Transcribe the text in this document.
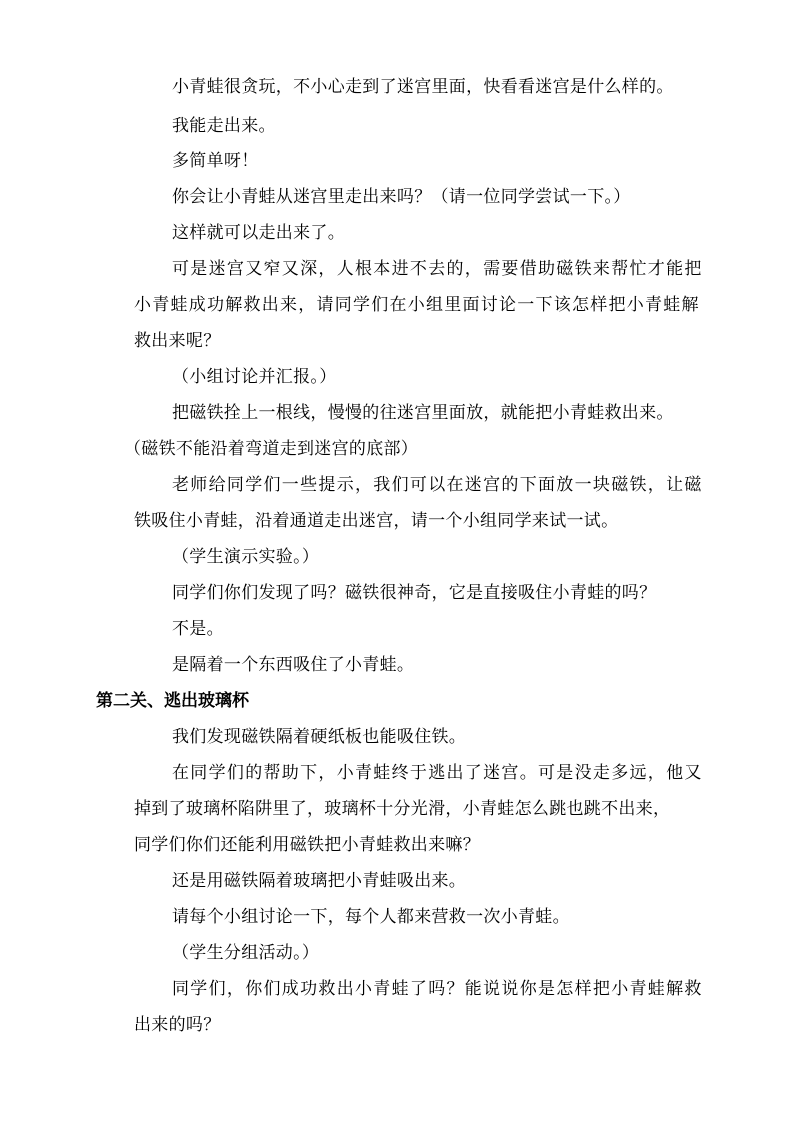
小青蛙很贪玩，不小心走到了迷宫里面，快看看迷宫是什么样的。
我能走出来。
多简单呀！
你会让小青蛙从迷宫里走出来吗？（请一位同学尝试一下。）
这样就可以走出来了。
可是迷宫又窄又深，人根本进不去的，需要借助磁铁来帮忙才能把
小青蛙成功解救出来，请同学们在小组里面讨论一下该怎样把小青蛙解
救出来呢？
（小组讨论并汇报。）
把磁铁拴上一根线，慢慢的往迷宫里面放，就能把小青蛙救出来。
（磁铁不能沿着弯道走到迷宫的底部）
老师给同学们一些提示，我们可以在迷宫的下面放一块磁铁，让磁
铁吸住小青蛙，沿着通道走出迷宫，请一个小组同学来试一试。
（学生演示实验。）
同学们你们发现了吗？磁铁很神奇，它是直接吸住小青蛙的吗？
不是。
是隔着一个东西吸住了小青蛙。
第二关、逃出玻璃杯
我们发现磁铁隔着硬纸板也能吸住铁。
在同学们的帮助下，小青蛙终于逃出了迷宫。可是没走多远，他又
掉到了玻璃杯陷阱里了，玻璃杯十分光滑，小青蛙怎么跳也跳不出来，
同学们你们还能利用磁铁把小青蛙救出来嘛？
还是用磁铁隔着玻璃把小青蛙吸出来。
请每个小组讨论一下，每个人都来营救一次小青蛙。
（学生分组活动。）
同学们，你们成功救出小青蛙了吗？能说说你是怎样把小青蛙解救
出来的吗？
